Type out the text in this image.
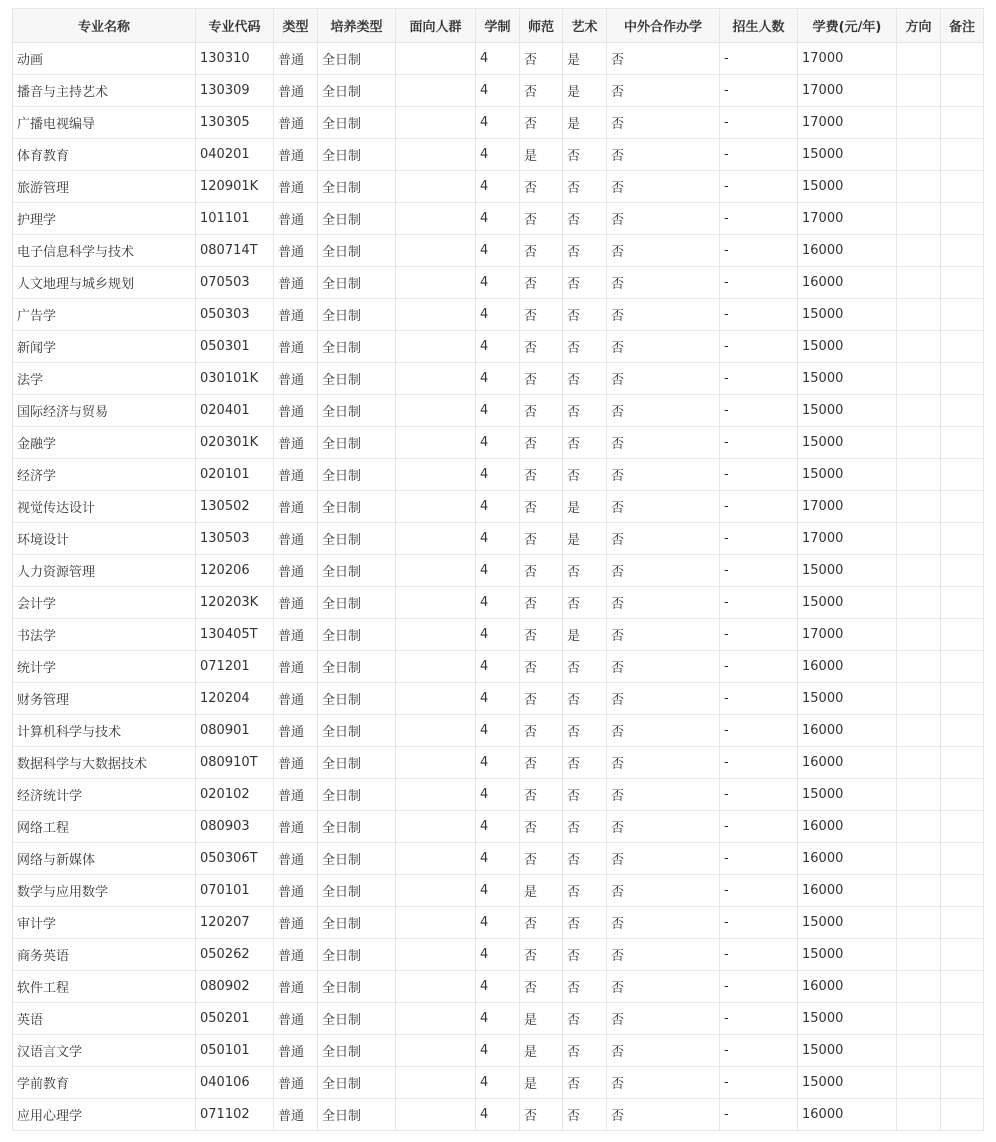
专业名称	专业代码	类型	培养类型	面向人群	学制	师范	艺术	中外合作办学	招生人数	学费(元/年)	方向	备注
动画	130310	普通	全日制		4	否	是	否	-	17000		
播音与主持艺术	130309	普通	全日制		4	否	是	否	-	17000		
广播电视编导	130305	普通	全日制		4	否	是	否	-	17000		
体育教育	040201	普通	全日制		4	是	否	否	-	15000		
旅游管理	120901K	普通	全日制		4	否	否	否	-	15000		
护理学	101101	普通	全日制		4	否	否	否	-	17000		
电子信息科学与技术	080714T	普通	全日制		4	否	否	否	-	16000		
人文地理与城乡规划	070503	普通	全日制		4	否	否	否	-	16000		
广告学	050303	普通	全日制		4	否	否	否	-	15000		
新闻学	050301	普通	全日制		4	否	否	否	-	15000		
法学	030101K	普通	全日制		4	否	否	否	-	15000		
国际经济与贸易	020401	普通	全日制		4	否	否	否	-	15000		
金融学	020301K	普通	全日制		4	否	否	否	-	15000		
经济学	020101	普通	全日制		4	否	否	否	-	15000		
视觉传达设计	130502	普通	全日制		4	否	是	否	-	17000		
环境设计	130503	普通	全日制		4	否	是	否	-	17000		
人力资源管理	120206	普通	全日制		4	否	否	否	-	15000		
会计学	120203K	普通	全日制		4	否	否	否	-	15000		
书法学	130405T	普通	全日制		4	否	是	否	-	17000		
统计学	071201	普通	全日制		4	否	否	否	-	16000		
财务管理	120204	普通	全日制		4	否	否	否	-	15000		
计算机科学与技术	080901	普通	全日制		4	否	否	否	-	16000		
数据科学与大数据技术	080910T	普通	全日制		4	否	否	否	-	16000		
经济统计学	020102	普通	全日制		4	否	否	否	-	15000		
网络工程	080903	普通	全日制		4	否	否	否	-	16000		
网络与新媒体	050306T	普通	全日制		4	否	否	否	-	16000		
数学与应用数学	070101	普通	全日制		4	是	否	否	-	16000		
审计学	120207	普通	全日制		4	否	否	否	-	15000		
商务英语	050262	普通	全日制		4	否	否	否	-	15000		
软件工程	080902	普通	全日制		4	否	否	否	-	16000		
英语	050201	普通	全日制		4	是	否	否	-	15000		
汉语言文学	050101	普通	全日制		4	是	否	否	-	15000		
学前教育	040106	普通	全日制		4	是	否	否	-	15000		
应用心理学	071102	普通	全日制		4	否	否	否	-	16000		
